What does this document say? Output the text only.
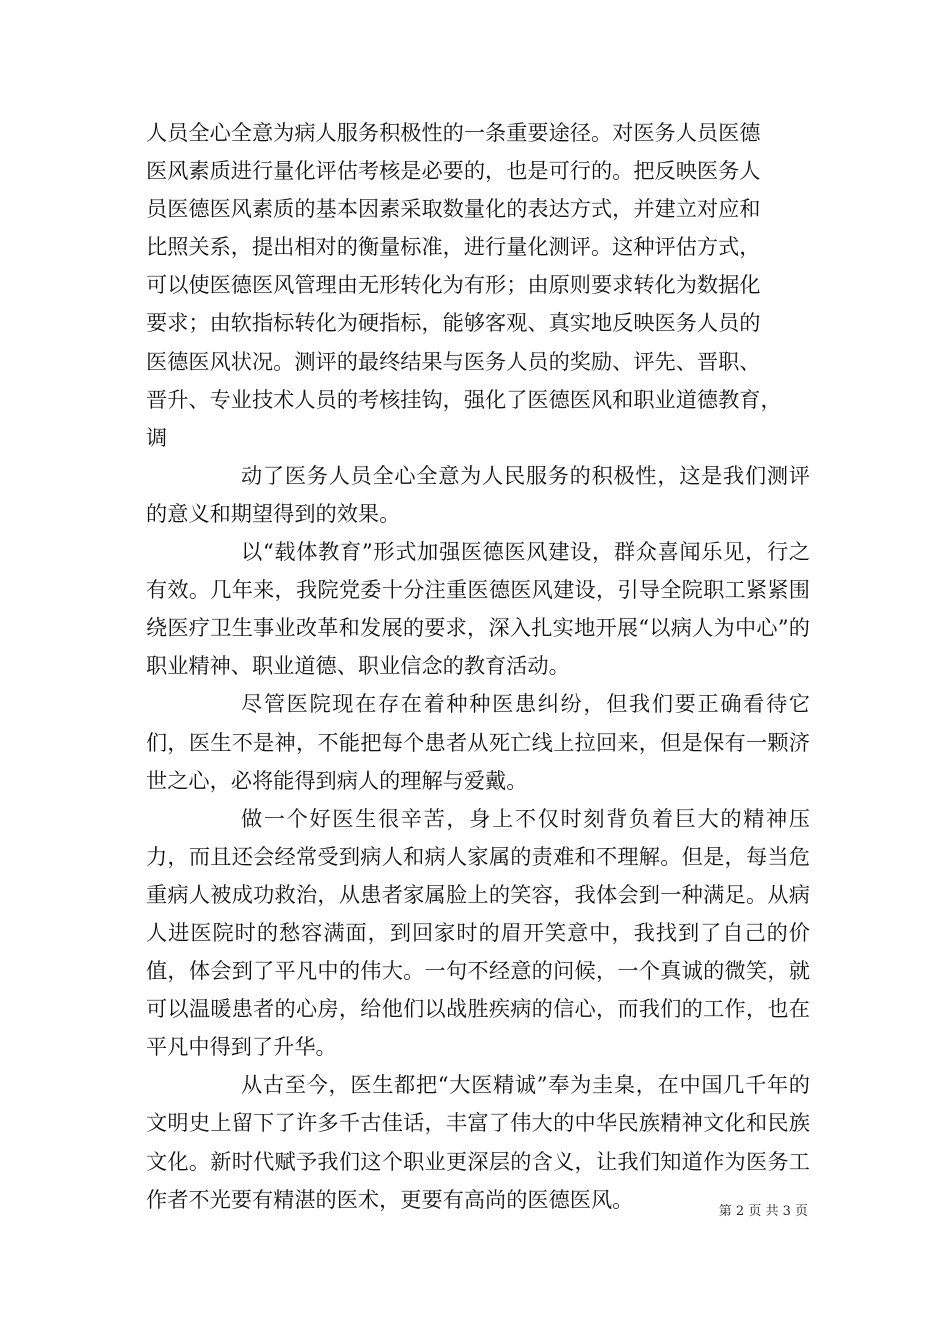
人员全心全意为病人服务积极性的一条重要途径。对医务人员医德
医风素质进行量化评估考核是必要的，也是可行的。把反映医务人
员医德医风素质的基本因素采取数量化的表达方式，并建立对应和
比照关系，提出相对的衡量标准，进行量化测评。这种评估方式，
可以使医德医风管理由无形转化为有形；由原则要求转化为数据化
要求；由软指标转化为硬指标，能够客观、真实地反映医务人员的
医德医风状况。测评的最终结果与医务人员的奖励、评先、晋职、
晋升、专业技术人员的考核挂钩，强化了医德医风和职业道德教育，
调

动了医务人员全心全意为人民服务的积极性，这是我们测评的意义和期望得到的效果。

以“载体教育”形式加强医德医风建设，群众喜闻乐见，行之有效。几年来，我院党委十分注重医德医风建设，引导全院职工紧紧围绕医疗卫生事业改革和发展的要求，深入扎实地开展“以病人为中心”的职业精神、职业道德、职业信念的教育活动。

尽管医院现在存在着种种医患纠纷，但我们要正确看待它们，医生不是神，不能把每个患者从死亡线上拉回来，但是保有一颗济世之心，必将能得到病人的理解与爱戴。

做一个好医生很辛苦，身上不仅时刻背负着巨大的精神压力，而且还会经常受到病人和病人家属的责难和不理解。但是，每当危重病人被成功救治，从患者家属脸上的笑容，我体会到一种满足。从病人进医院时的愁容满面，到回家时的眉开笑意中，我找到了自己的价值，体会到了平凡中的伟大。一句不经意的问候，一个真诚的微笑，就可以温暖患者的心房，给他们以战胜疾病的信心，而我们的工作，也在平凡中得到了升华。

从古至今，医生都把“大医精诚”奉为圭臬，在中国几千年的文明史上留下了许多千古佳话，丰富了伟大的中华民族精神文化和民族文化。新时代赋予我们这个职业更深层的含义，让我们知道作为医务工作者不光要有精湛的医术，更要有高尚的医德医风。	第 2 页 共 3 页
